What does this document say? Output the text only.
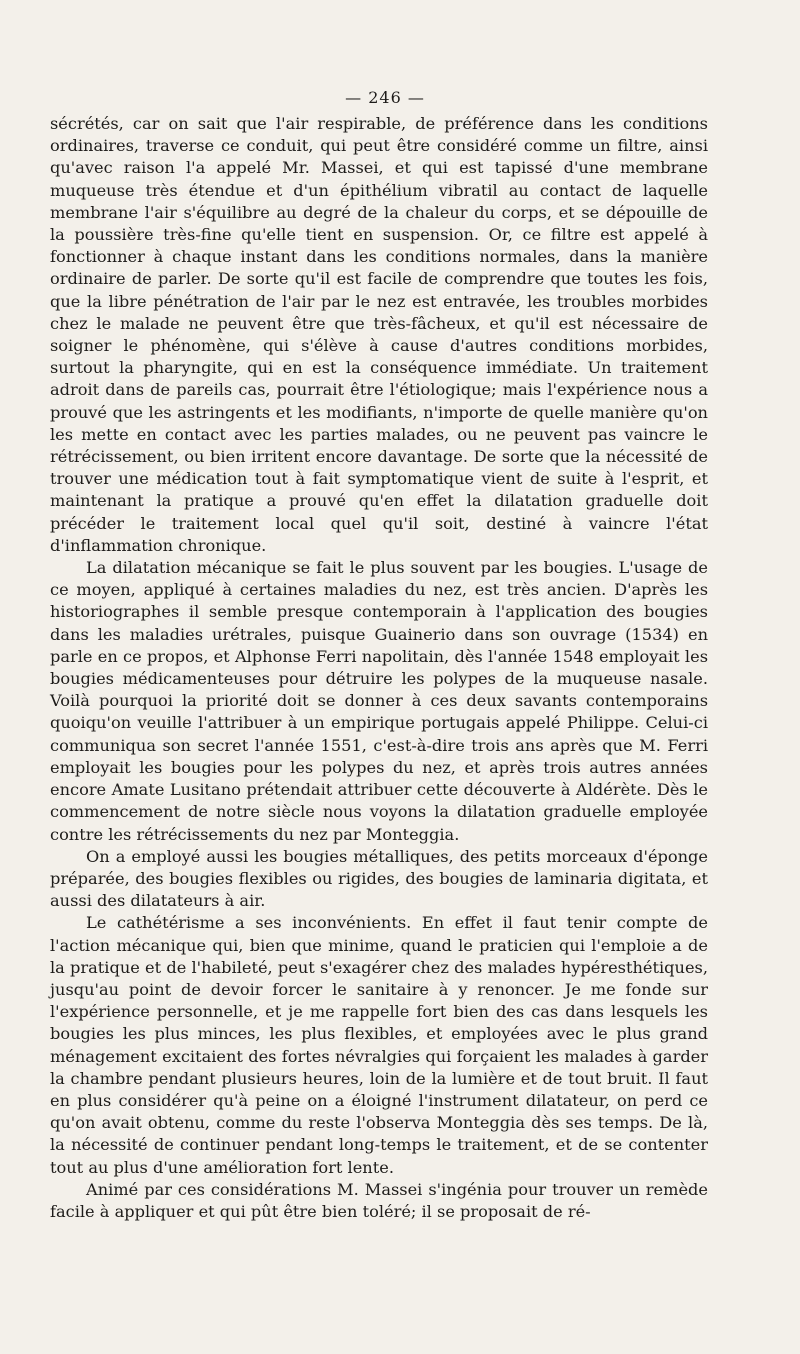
— 246 —

sécrétés, car on sait que l'air respirable, de préférence dans les conditions ordinaires, traverse ce conduit, qui peut être considéré comme un filtre, ainsi qu'avec raison l'a appelé Mr. Massei, et qui est tapissé d'une membrane muqueuse très étendue et d'un épithélium vibratil au contact de laquelle membrane l'air s'équilibre au degré de la chaleur du corps, et se dépouille de la poussière très-fine qu'elle tient en suspension. Or, ce filtre est appelé à fonctionner à chaque instant dans les conditions normales, dans la manière ordinaire de parler. De sorte qu'il est facile de comprendre que toutes les fois, que la libre pénétration de l'air par le nez est entravée, les troubles morbides chez le malade ne peuvent être que très-fâcheux, et qu'il est nécessaire de soigner le phénomène, qui s'élève à cause d'autres conditions morbides, surtout la pharyngite, qui en est la conséquence immédiate. Un traitement adroit dans de pareils cas, pourrait être l'étiologique; mais l'expérience nous a prouvé que les astringents et les modifiants, n'importe de quelle manière qu'on les mette en contact avec les parties malades, ou ne peuvent pas vaincre le rétrécissement, ou bien irritent encore davantage. De sorte que la nécessité de trouver une médication tout à fait symptomatique vient de suite à l'esprit, et maintenant la pratique a prouvé qu'en effet la dilatation graduelle doit précéder le traitement local quel qu'il soit, destiné à vaincre l'état d'inflammation chronique.

La dilatation mécanique se fait le plus souvent par les bougies. L'usage de ce moyen, appliqué à certaines maladies du nez, est très ancien. D'après les historiographes il semble presque contemporain à l'application des bougies dans les maladies urétrales, puisque Guainerio dans son ouvrage (1534) en parle en ce propos, et Alphonse Ferri napolitain, dès l'année 1548 employait les bougies médicamenteuses pour détruire les polypes de la muqueuse nasale. Voilà pourquoi la priorité doit se donner à ces deux savants contemporains quoiqu'on veuille l'attribuer à un empirique portugais appelé Philippe. Celui-ci communiqua son secret l'année 1551, c'est-à-dire trois ans après que M. Ferri employait les bougies pour les polypes du nez, et après trois autres années encore Amate Lusitano prétendait attribuer cette découverte à Aldérète. Dès le commencement de notre siècle nous voyons la dilatation graduelle employée contre les rétrécissements du nez par Monteggia.

On a employé aussi les bougies métalliques, des petits morceaux d'éponge préparée, des bougies flexibles ou rigides, des bougies de laminaria digitata, et aussi des dilatateurs à air.

Le cathétérisme a ses inconvénients. En effet il faut tenir compte de l'action mécanique qui, bien que minime, quand le praticien qui l'emploie a de la pratique et de l'habileté, peut s'exagérer chez des malades hypéresthétiques, jusqu'au point de devoir forcer le sanitaire à y renoncer. Je me fonde sur l'expérience personnelle, et je me rappelle fort bien des cas dans lesquels les bougies les plus minces, les plus flexibles, et employées avec le plus grand ménagement excitaient des fortes névralgies qui forçaient les malades à garder la chambre pendant plusieurs heures, loin de la lumière et de tout bruit. Il faut en plus considérer qu'à peine on a éloigné l'instrument dilatateur, on perd ce qu'on avait obtenu, comme du reste l'observa Monteggia dès ses temps. De là, la nécessité de continuer pendant long-temps le traitement, et de se contenter tout au plus d'une amélioration fort lente.

Animé par ces considérations M. Massei s'ingénia pour trouver un remède facile à appliquer et qui pût être bien toléré; il se proposait de ré-
